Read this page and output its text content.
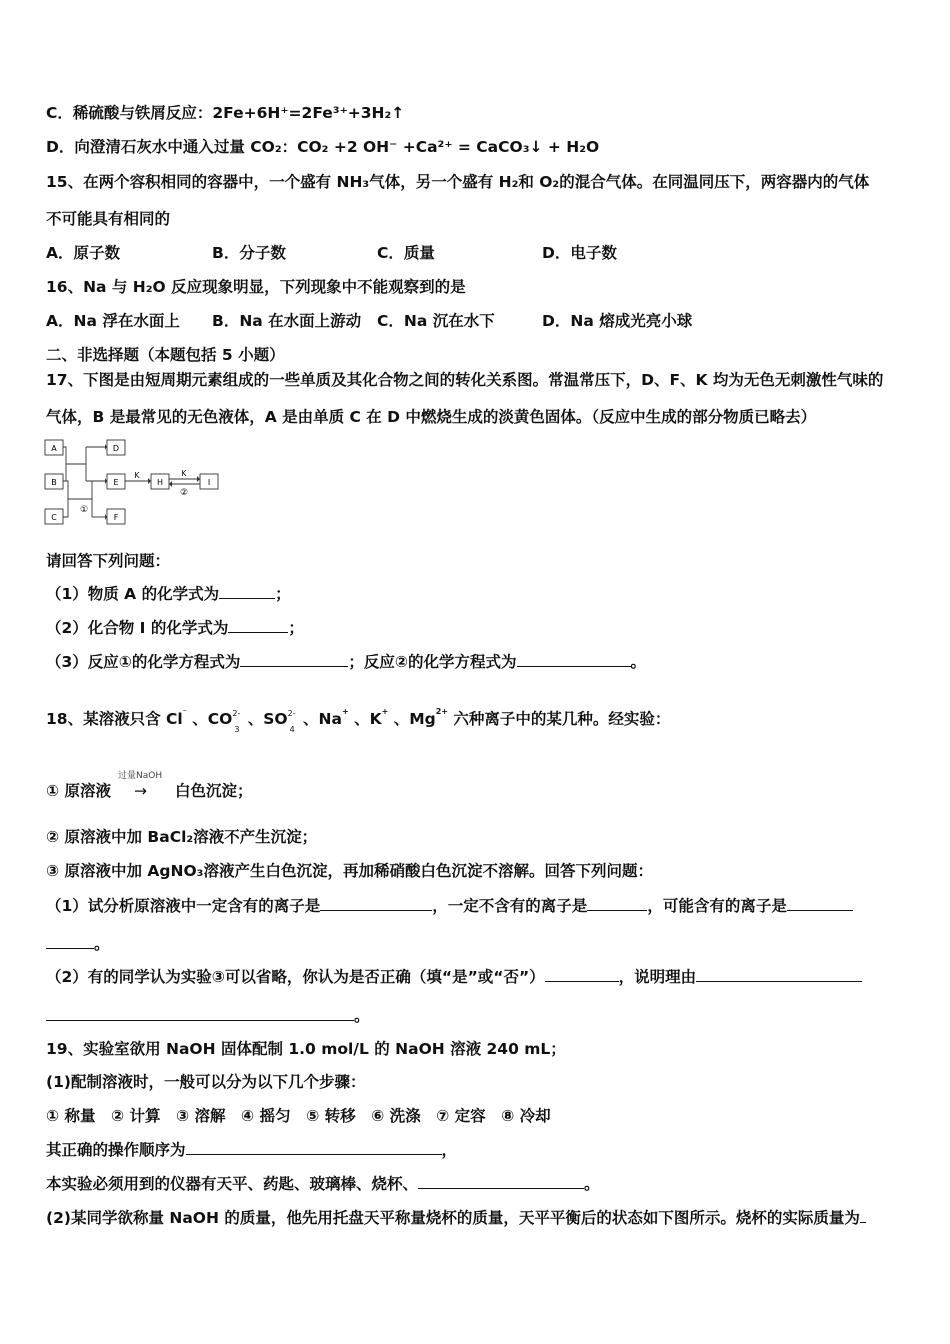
C．稀硫酸与铁屑反应：2Fe+6H⁺=2Fe³⁺+3H₂↑
D．向澄清石灰水中通入过量 CO₂：CO₂ +2 OH⁻ +Ca²⁺ = CaCO₃↓ + H₂O
15、在两个容积相同的容器中，一个盛有 NH₃气体，另一个盛有 H₂和 O₂的混合气体。在同温同压下，两容器内的气体
不可能具有相同的
A．原子数	B．分子数	C．质量	D．电子数
16、Na 与 H₂O 反应现象明显，下列现象中不能观察到的是
A．Na 浮在水面上 B．Na 在水面上游动 C．Na 沉在水下	D．Na 熔成光亮小球
二、非选择题（本题包括 5 小题）
17、下图是由短周期元素组成的一些单质及其化合物之间的转化关系图。常温常压下，D、F、K 均为无色无刺激性气味的
气体，B 是最常见的无色液体，A 是由单质 C 在 D 中燃烧生成的淡黄色固体。（反应中生成的部分物质已略去）
A
B
C
D
E
F
H	I
K	K
②
①
请回答下列问题：
（1）物质 A 的化学式为	；
（2）化合物 I 的化学式为	；
（3）反应①的化学方程式为	；反应②的化学方程式为	。
18、某溶液只含 Cl⁻ 、CO 2-
3
、SO 2-
4
、Na+ 、K+ 、$Mg^{2+}$ 六种离子中的某几种。经实验：
过量NaOH
① 原溶液 → 白色沉淀；
② 原溶液中加 BaCl₂溶液不产生沉淀；
③ 原溶液中加 AgNO₃溶液产生白色沉淀，再加稀硝酸白色沉淀不溶解。回答下列问题：
（1）试分析原溶液中一定含有的离子是	，一定不含有的离子是	，可能含有的离子是
。
（2）有的同学认为实验③可以省略，你认为是否正确（填“是”或“否”）	，说明理由
。
19、实验室欲用 NaOH 固体配制 1.0 mol/L 的 NaOH 溶液 240 mL；
(1)配制溶液时，一般可以分为以下几个步骤：
① 称量　② 计算　③ 溶解　④ 摇匀　⑤ 转移　⑥ 洗涤　⑦ 定容　⑧ 冷却
其正确的操作顺序为	，
本实验必须用到的仪器有天平、药匙、玻璃棒、烧杯、	。
(2)某同学欲称量 NaOH 的质量，他先用托盘天平称量烧杯的质量，天平平衡后的状态如下图所示。烧杯的实际质量为
